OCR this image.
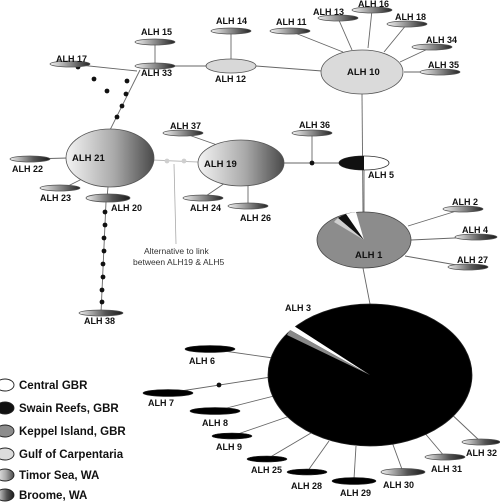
ALH 1
ALH 2
ALH 3
ALH 4
ALH 5
ALH 6
ALH 7
ALH 8
ALH 9
ALH 10
ALH 11
ALH 12
ALH 13
ALH 14
ALH 15
ALH 16
ALH 17
ALH 18
ALH 19
ALH 20
ALH 21
ALH 22
ALH 23
ALH 24
ALH 25
ALH 26
ALH 27
ALH 28
ALH 29
ALH 30
ALH 31
ALH 32
ALH 33
ALH 34
ALH 35
ALH 36
ALH 37
ALH 38
Alternative to link
between ALH19 & ALH5
Central GBR
Swain Reefs, GBR
Keppel Island, GBR
Gulf of Carpentaria
Timor Sea, WA
Broome, WA
